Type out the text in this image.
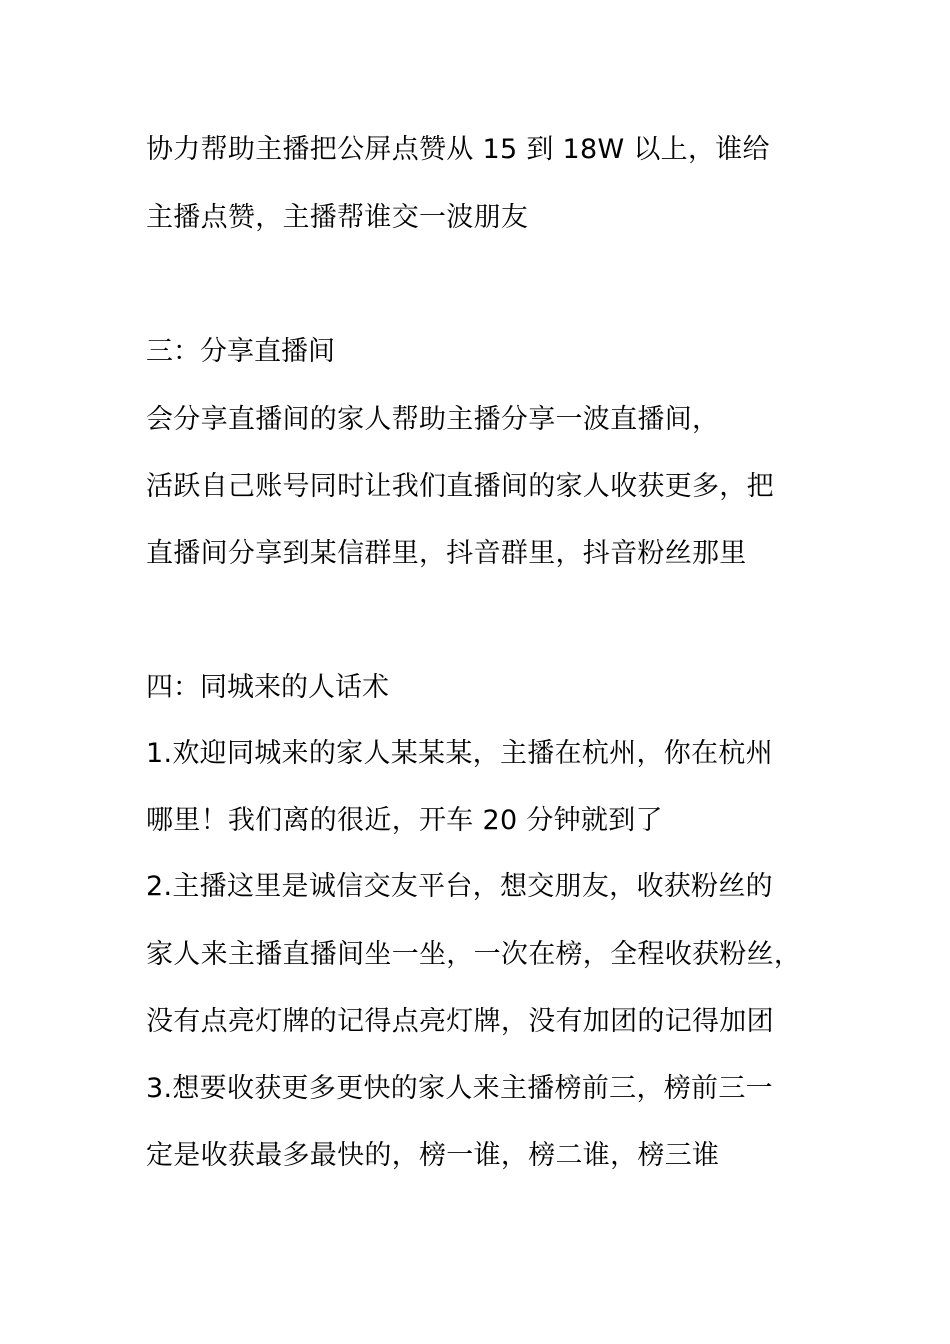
协力帮助主播把公屏点赞从 15 到 18W 以上，谁给
主播点赞，主播帮谁交一波朋友
三：分享直播间
会分享直播间的家人帮助主播分享一波直播间，
活跃自己账号同时让我们直播间的家人收获更多，把
直播间分享到某信群里，抖音群里，抖音粉丝那里
四：同城来的人话术
1.欢迎同城来的家人某某某，主播在杭州，你在杭州
哪里！我们离的很近，开车 20 分钟就到了
2.主播这里是诚信交友平台，想交朋友，收获粉丝的
家人来主播直播间坐一坐，一次在榜，全程收获粉丝，
没有点亮灯牌的记得点亮灯牌，没有加团的记得加团
3.想要收获更多更快的家人来主播榜前三，榜前三一
定是收获最多最快的，榜一谁，榜二谁，榜三谁
